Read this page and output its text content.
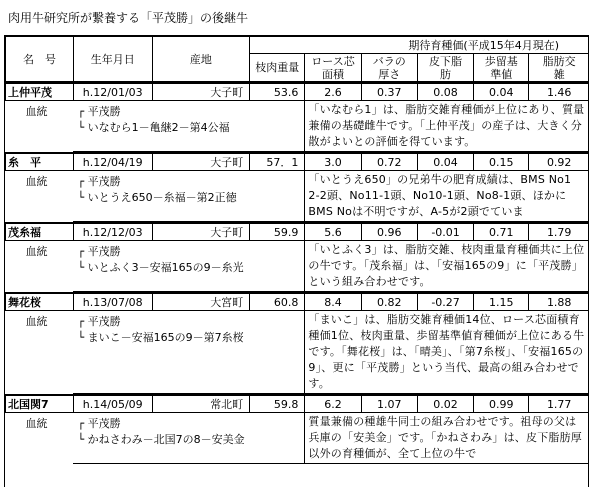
肉用牛研究所が繋養する「平茂勝」の後継牛
名　号	生年月日	産地	期待育種価(平成15年4月現在)					
			枝肉重量	ロース芯
面積	バラの
厚さ	皮下脂
肪	歩留基
準値	脂肪交
雑
上仲平茂	h.12/01/03	大子町	53.6	2.6	0.37	0.08	0.04	1.46
血統	┌ 平茂勝
└ いなむら1－亀継2－第4公福			「いなむら1」は、脂肪交雑育種価が上位にあり、質量兼備の基礎雌牛です。「上仲平茂」の産子は、大きく分散がよいとの評価を得ています。				
糸　平	h.12/04/19	大子町	57．1	3.0	0.72	0.04	0.15	0.92
血統	┌ 平茂勝
└ いとうえ650－糸福－第2正徳			「いとうえ650」の兄弟牛の肥育成績は、BMS No1 2-2頭、No11-1頭、No10-1頭、No8-1頭、ほかにBMS Noは不明ですが、A-5が2頭でていま				
茂糸福	h.12/12/03	大子町	59.9	5.6	0.96	-0.01	0.71	1.79
血統	┌ 平茂勝
└ いとふく3－安福165の9－糸光			「いとふく3」は、脂肪交雑、枝肉重量育種価共に上位の牛です。「茂糸福」は、「安福165の9」に「平茂勝」という組み合わせです。				
舞花桜	h.13/07/08	大宮町	60.8	8.4	0.82	-0.27	1.15	1.88
血統	┌ 平茂勝
└ まいこ－安福165の9－第7糸桜			「まいこ」は、脂肪交雑育種価14位、ロース芯面積育種価1位、枝肉重量、歩留基準値育種価が上位にある牛です。「舞花桜」は、「晴美」、「第7糸桜」、「安福165の9」、更に「平茂勝」という当代、最高の組み合わせです。				
北国関7	h.14/05/09	常北町	59.8	6.2	1.07	0.02	0.99	1.77
血統	┌ 平茂勝
└ かねさわみ－北国7の8－安美金			質量兼備の種雄牛同士の組み合わせです。祖母の父は兵庫の「安美金」です。「かねさわみ」は、皮下脂肪厚以外の育種価が、全て上位の牛で				
